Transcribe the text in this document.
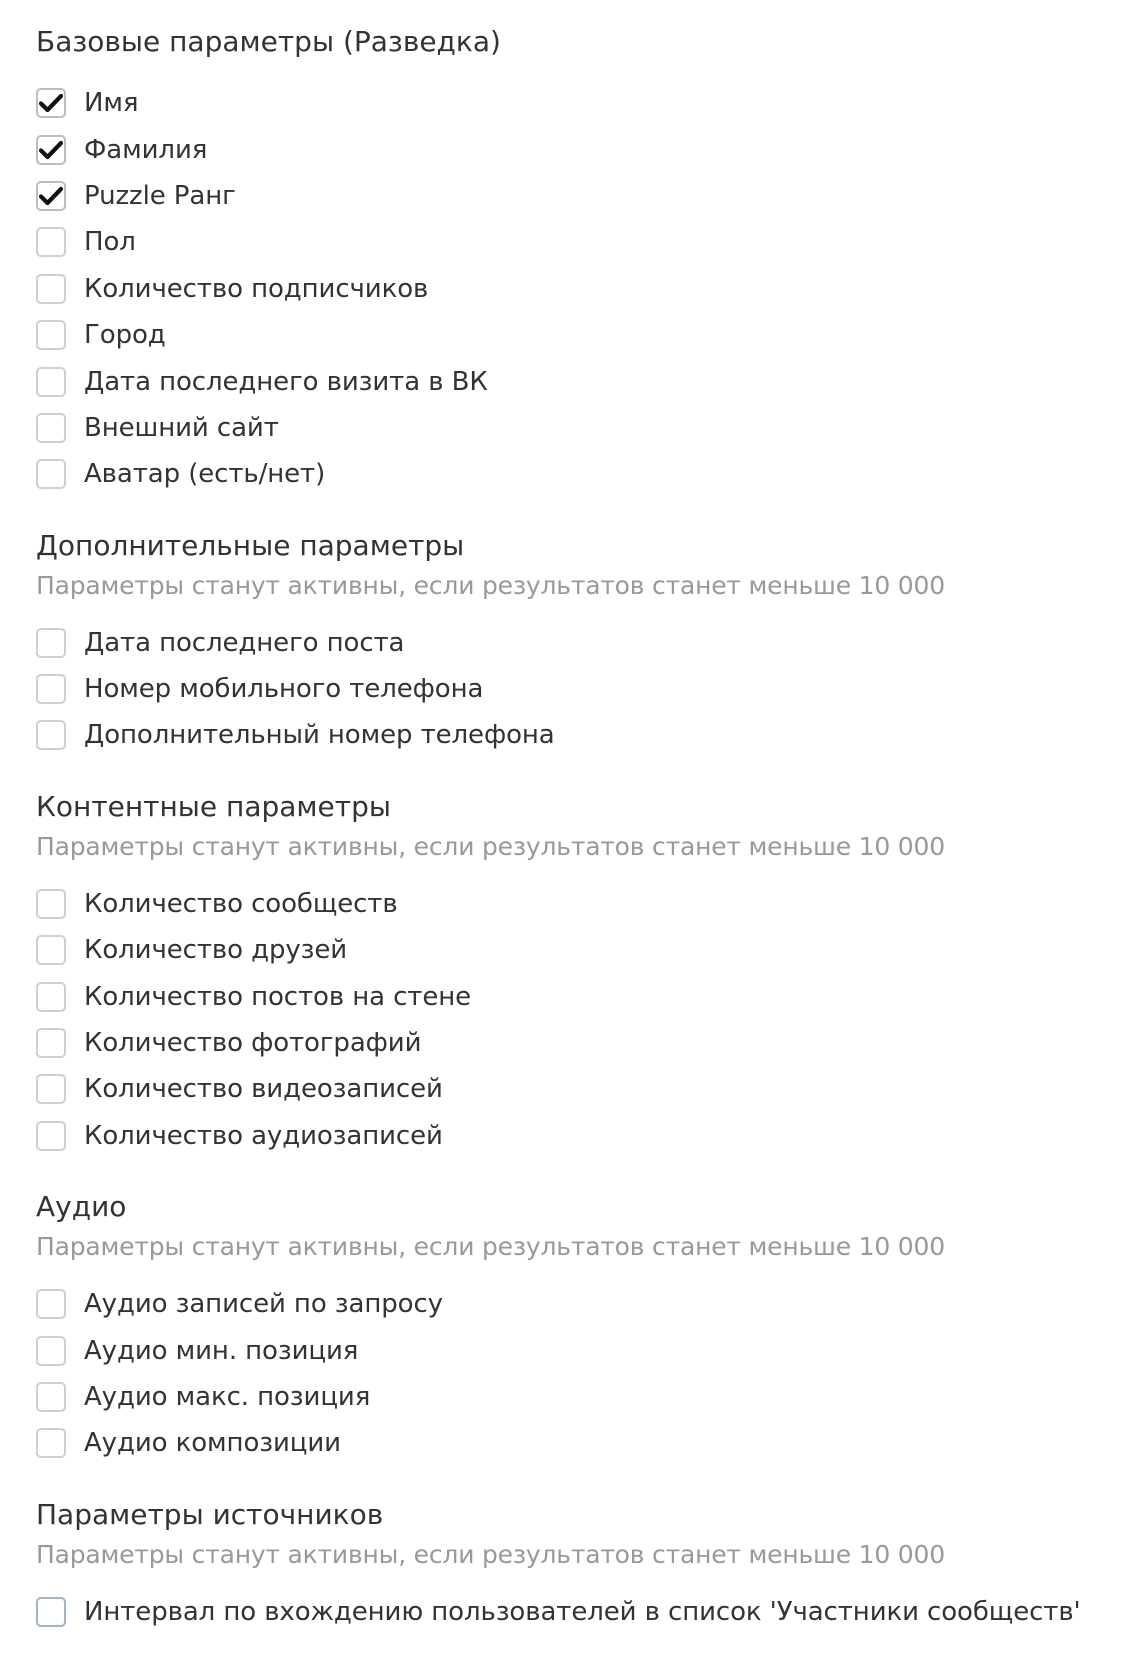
Базовые параметры (Разведка)
Имя
Фамилия
Puzzle Ранг
Пол
Количество подписчиков
Город
Дата последнего визита в ВК
Внешний сайт
Аватар (есть/нет)
Дополнительные параметры
Параметры станут активны, если результатов станет меньше 10 000
Дата последнего поста
Номер мобильного телефона
Дополнительный номер телефона
Контентные параметры
Параметры станут активны, если результатов станет меньше 10 000
Количество сообществ
Количество друзей
Количество постов на стене
Количество фотографий
Количество видеозаписей
Количество аудиозаписей
Аудио
Параметры станут активны, если результатов станет меньше 10 000
Аудио записей по запросу
Аудио мин. позиция
Аудио макс. позиция
Аудио композиции
Параметры источников
Параметры станут активны, если результатов станет меньше 10 000
Интервал по вхождению пользователей в список 'Участники сообществ'
